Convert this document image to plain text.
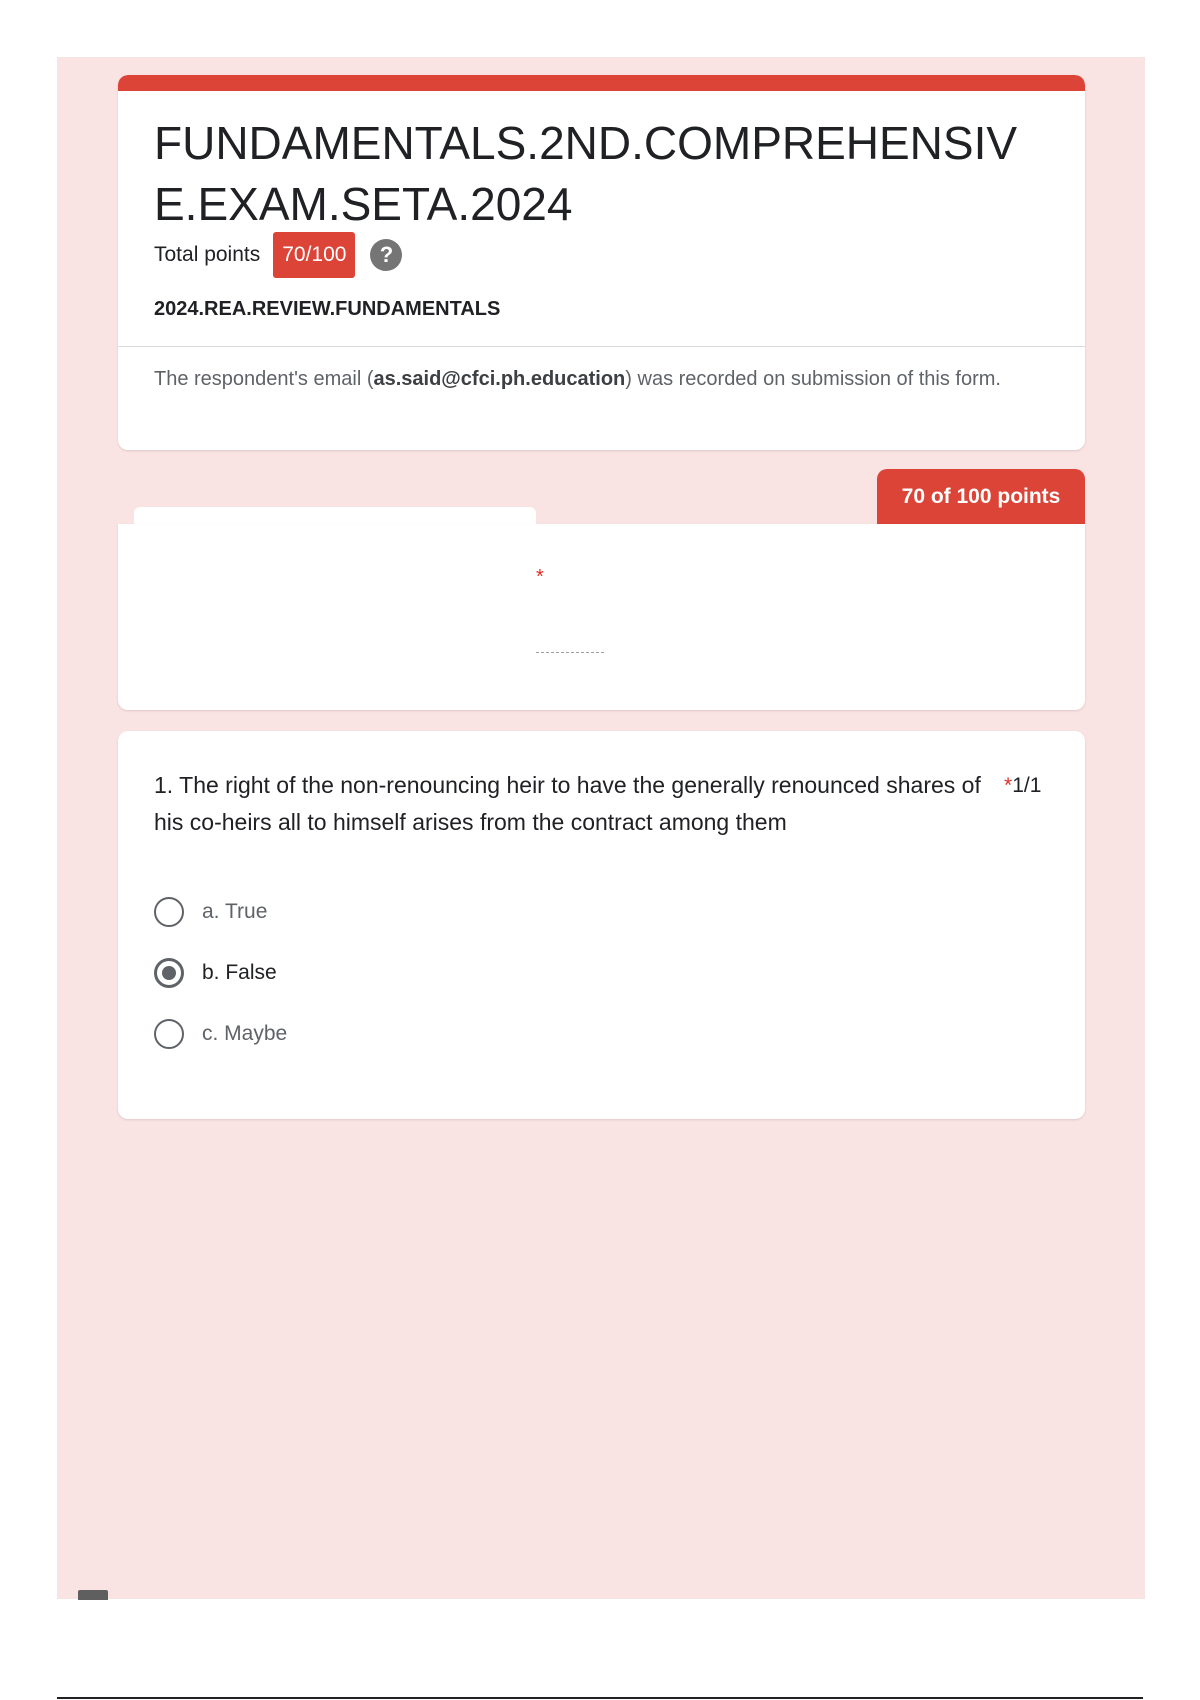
FUNDAMENTALS.2ND.COMPREHENSIVE.EXAM.SETA.2024
Total points	70/100	?
2024.REA.REVIEW.FUNDAMENTALS
The respondent's email (as.said@cfci.ph.education) was recorded on submission of this form.
70 of 100 points
*
1. The right of the non-renouncing heir to have the generally renounced shares of his co-heirs all to himself arises from the contract among them
*1/1
a. True
b. False
c. Maybe
